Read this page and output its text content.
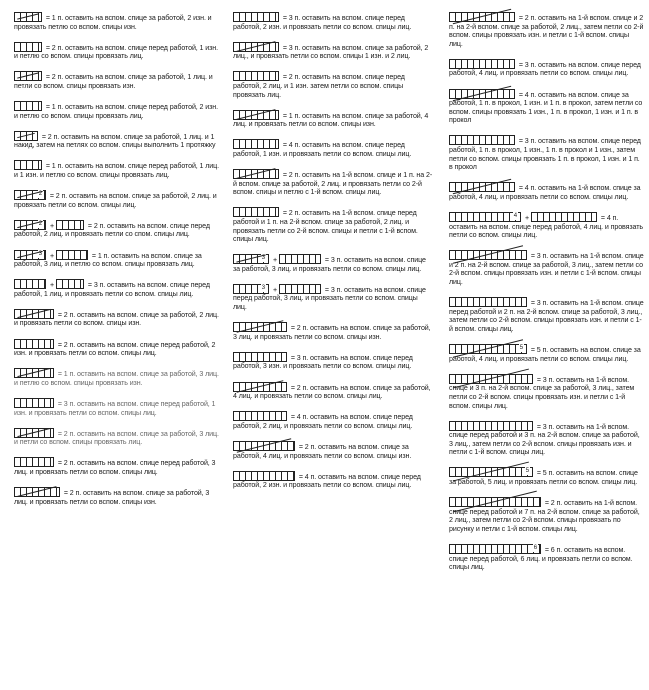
= 1 п. оставить на вспом. спице за работой, 2 изн. и провязать петлю со вспом. спицы изн.
= 2 п. оставить на вспом. спице перед работой, 1 изн. и петлю со вспом. спицы провязать лиц.
= 2 п. оставить на вспом. спице за работой, 1 лиц. и петли со вспом. спицы провязать изн.
= 1 п. оставить на вспом. спице перед работой, 2 изн. и петлю со вспом. спицы провязать лиц.
= 2 п. оставить на вспом. спице за работой, 1 лиц. и 1 накид, затем на петлях со вспом. спицы выполнить 1 протяжку
= 1 п. оставить на вспом. спице перед работой, 1 лиц. и 1 изн. и петлю со вспом. спицы провязать лиц.
2 = 2 п. оставить на вспом. спице за работой, 2 лиц. и провязать петли со вспом. спицы лиц.
2 +	= 2 п. оставить на вспом. спице перед работой, 2 лиц. и провязать петли со спом. спицы лиц.
3 +	= 1 п. оставить на вспом. спице за работой, 3 лиц. и петлю со вспом. спицы провязать лиц.
+	= 3 п. оставить на вспом. спице перед работой, 1 лиц. и провязать петли со вспом. спицы лиц.
= 2 п. оставить на вспом. спице за работой, 2 лиц. и провязать петли со вспом. спицы изн.
= 2 п. оставить на вспом. спице перед работой, 2 изн. и провязать петли со вспом. спицы лиц.
= 1 п. оставить на вспом. спице за работой, 3 лиц. и петлю со вспом. спицы провязать изн.
= 3 п. оставить на вспом. спице перед работой, 1 изн. и провязать петли со вспом. спицы лиц.
= 2 п. оставить на вспом. спице за работой, 3 лиц. и петли со вспом. спицы провязать лиц.
= 2 п. оставить на вспом. спице перед работой, 3 лиц. и провязать петли со вспом. спицы лиц.
= 2 п. оставить на вспом. спице за работой, 3 лиц. и провязать петли со вспом. спицы изн.
= 3 п. оставить на вспом. спице перед работой, 2 изн. и провязать петли со вспом. спицы лиц.
= 3 п. оставить на вспом. спице за работой, 2 лиц., и провязать петли со вспом. спицы 1 изн. и 2 лиц.
= 2 п. оставить на вспом. спице перед работой, 2 лиц. и 1 изн. затем петли со вспом. спицы провязать лиц.
= 1 п. оставить на вспом. спице за работой, 4 лиц. и провязать петли со вспом. спицы изн.
= 4 п. оставить на вспом. спице перед работой, 1 изн. и провязать петли со вспом. спицы лиц.
= 2 п. оставить на 1-й вспом. спице и 1 п. на 2-й вспом. спице за работой, 2 лиц. и провязать петли со 2-й вспом. спицы и петлю с 1-й вспом. спицы лиц.
= 2 п. оставить на 1-й вспом. спице перед работой и 1 п. на 2-й вспом. спице за работой, 2 лиц. и провязать петли со 2-й вспом. спицы и петли с 1-й вспом. спицы лиц.
3 +	= 3 п. оставить на вспом. спице за работой, 3 лиц. и провязать петли со вспом. спицы лиц.
3 +	= 3 п. оставить на вспом. спице перед работой, 3 лиц. и провязать петли со вспом. спицы лиц.
= 2 п. оставить на вспом. спице за работой, 3 лиц. и провязать петли со вспом. спицы изн.
= 3 п. оставить на вспом. спице перед работой, 3 изн. и провязать петли со вспом. спицы лиц.
= 2 п. оставить на вспом. спице за работой, 4 лиц. и провязать петли со вспом. спицы лиц.
= 4 п. оставить на вспом. спице перед работой, 2 лиц. и провязать петли со вспом. спицы лиц.
= 2 п. оставить на вспом. спице за работой, 4 лиц. и провязать петли со вспом. спицы изн.
= 4 п. оставить на вспом. спице перед работой, 2 изн. и провязать петли со вспом. спицы лиц.
= 2 п. оставить на 1-й вспом. спице и 2 п. на 2-й вспом. спице за работой, 2 лиц., затем петли со 2-й вспом. спицы провязать изн. и петли с 1-й вспом. спицы лиц.
= 3 п. оставить на вспом. спице перед работой, 4 лиц. и провязать петли со вспом. спицы лиц.
= 4 п. оставить на вспом. спице за работой, 1 п. в прокол, 1 изн. и 1 п. в прокол, затем петли со вспом. спицы провязать 1 изн., 1 п. в прокол, 1 изн. и 1 п. в прокол
= 3 п. оставить на вспом. спице перед работой, 1 п. в прокол, 1 изн., 1 п. в прокол и 1 изн., затем петли со вспом. спицы провязать 1 п. в прокол, 1 изн. и 1 п. в прокол
= 4 п. оставить на 1-й вспом. спице за работой, 4 лиц. и провязать петли со вспом. спицы лиц.
4 +	= 4 п. оставить на вспом. спице перед работой, 4 лиц. и провязать петли со вспом. спицы лиц.
= 3 п. оставить на 1-й вспом. спице и 2 п. на 2-й вспом. спице за работой, 3 лиц., затем петли со 2-й вспом. спицы провязать изн. и петли с 1-й вспом. спицы лиц.
= 3 п. оставить на 1-й вспом. спице перед работой и 2 п. на 2-й вспом. спице за работой, 3 лиц., затем петли со 2-й вспом. спицы провязать изн. и петли с 1-й вспом. спицы лиц.
5 = 5 п. оставить на вспом. спице за работой, 4 лиц. и провязать петли со вспом. спицы лиц.
= 3 п. оставить на 1-й вспом. спице и 3 п. на 2-й вспом. спице за работой, 3 лиц., затем петли со 2-й вспом. спицы провязать изн. и петли с 1-й вспом. спицы лиц.
= 3 п. оставить на 1-й вспом. спице перед работой и 3 п. на 2-й вспом. спице за работой, 3 лиц., затем петли со 2-й вспом. спицы провязать изн. и петли с 1-й вспом. спицы лиц.
5 = 5 п. оставить на вспом. спице за работой, 5 лиц. и провязать петли со вспом. спицы лиц.
= 2 п. оставить на 1-й вспом. спице перед работой и 7 п. на 2-й вспом. спице за работой, 2 лиц., затем петли со 2-й вспом. спицы провязать по рисунку и петли с 1-й вспом. спицы лиц.
6 = 6 п. оставить на вспом. спице перед работой, 6 лиц. и провязать петли со вспом. спицы лиц.
